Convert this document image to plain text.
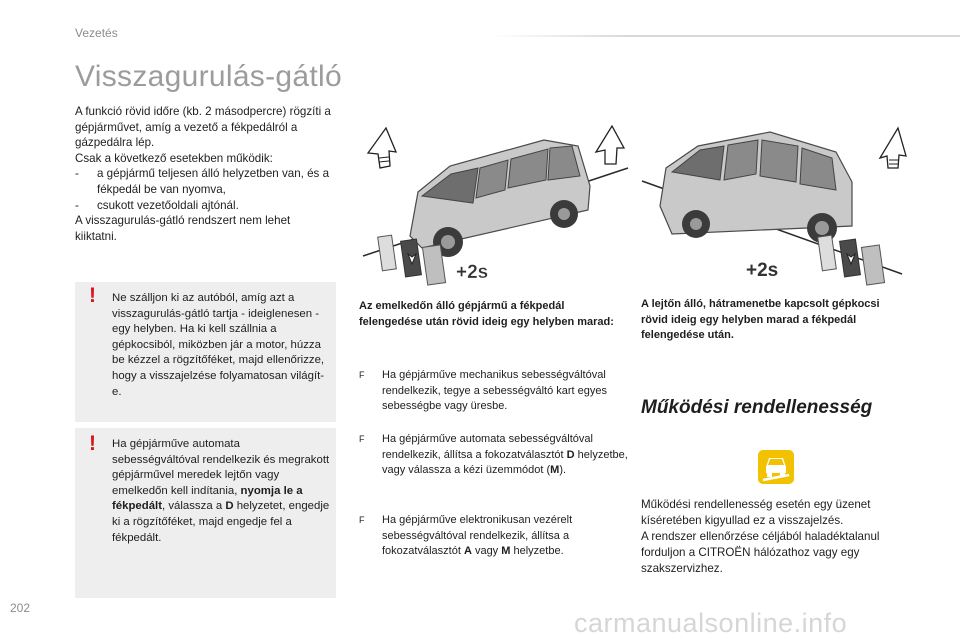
Vezetés
Visszagurulás-gátló

A funkció rövid időre (kb. 2 másodpercre) rögzíti a gépjárművet, amíg a vezető a fékpedálról a gázpedálra lép.

Csak a következő esetekben működik:

- a gépjármű teljesen álló helyzetben van, és a fékpedál be van nyomva,

- csukott vezetőoldali ajtónál.

A visszagurulás-gátló rendszert nem lehet kiiktatni.

! Ne szálljon ki az autóból, amíg azt a visszagurulás-gátló tartja - ideiglenesen - egy helyben. Ha ki kell szállnia a gépkocsiból, miközben jár a motor, húzza be kézzel a rögzítőféket, majd ellenőrizze, hogy a visszajelzése folyamatosan világít-e.
! Ha gépjárműve automata sebességváltóval rendelkezik és megrakott gépjárművel meredek lejtőn vagy emelkedőn kell indítania, nyomja le a fékpedált, válassza a D helyzetet, engedje ki a rögzítőféket, majd engedje fel a fékpedált.
+2s	+2s
Az emelkedőn álló gépjármű a fékpedál felengedése után rövid ideig egy helyben marad:
A lejtőn álló, hátramenetbe kapcsolt gépkocsi rövid ideig egy helyben marad a fékpedál felengedése után.
F Ha gépjárműve mechanikus sebességváltóval rendelkezik, tegye a sebességváltó kart egyes sebességbe vagy üresbe.
F Ha gépjárműve automata sebességváltóval rendelkezik, állítsa a fokozatválasztót D helyzetbe, vagy válassza a kézi üzemmódot (M).
F Ha gépjárműve elektronikusan vezérelt sebességváltóval rendelkezik, állítsa a fokozatválasztót A vagy M helyzetbe.
Működési rendellenesség

Működési rendellenesség esetén egy üzenet kíséretében kigyullad ez a visszajelzés.

A rendszer ellenőrzése céljából haladéktalanul forduljon a CITROËN hálózathoz vagy egy szakszervizhez.

202	carmanualsonline.info
